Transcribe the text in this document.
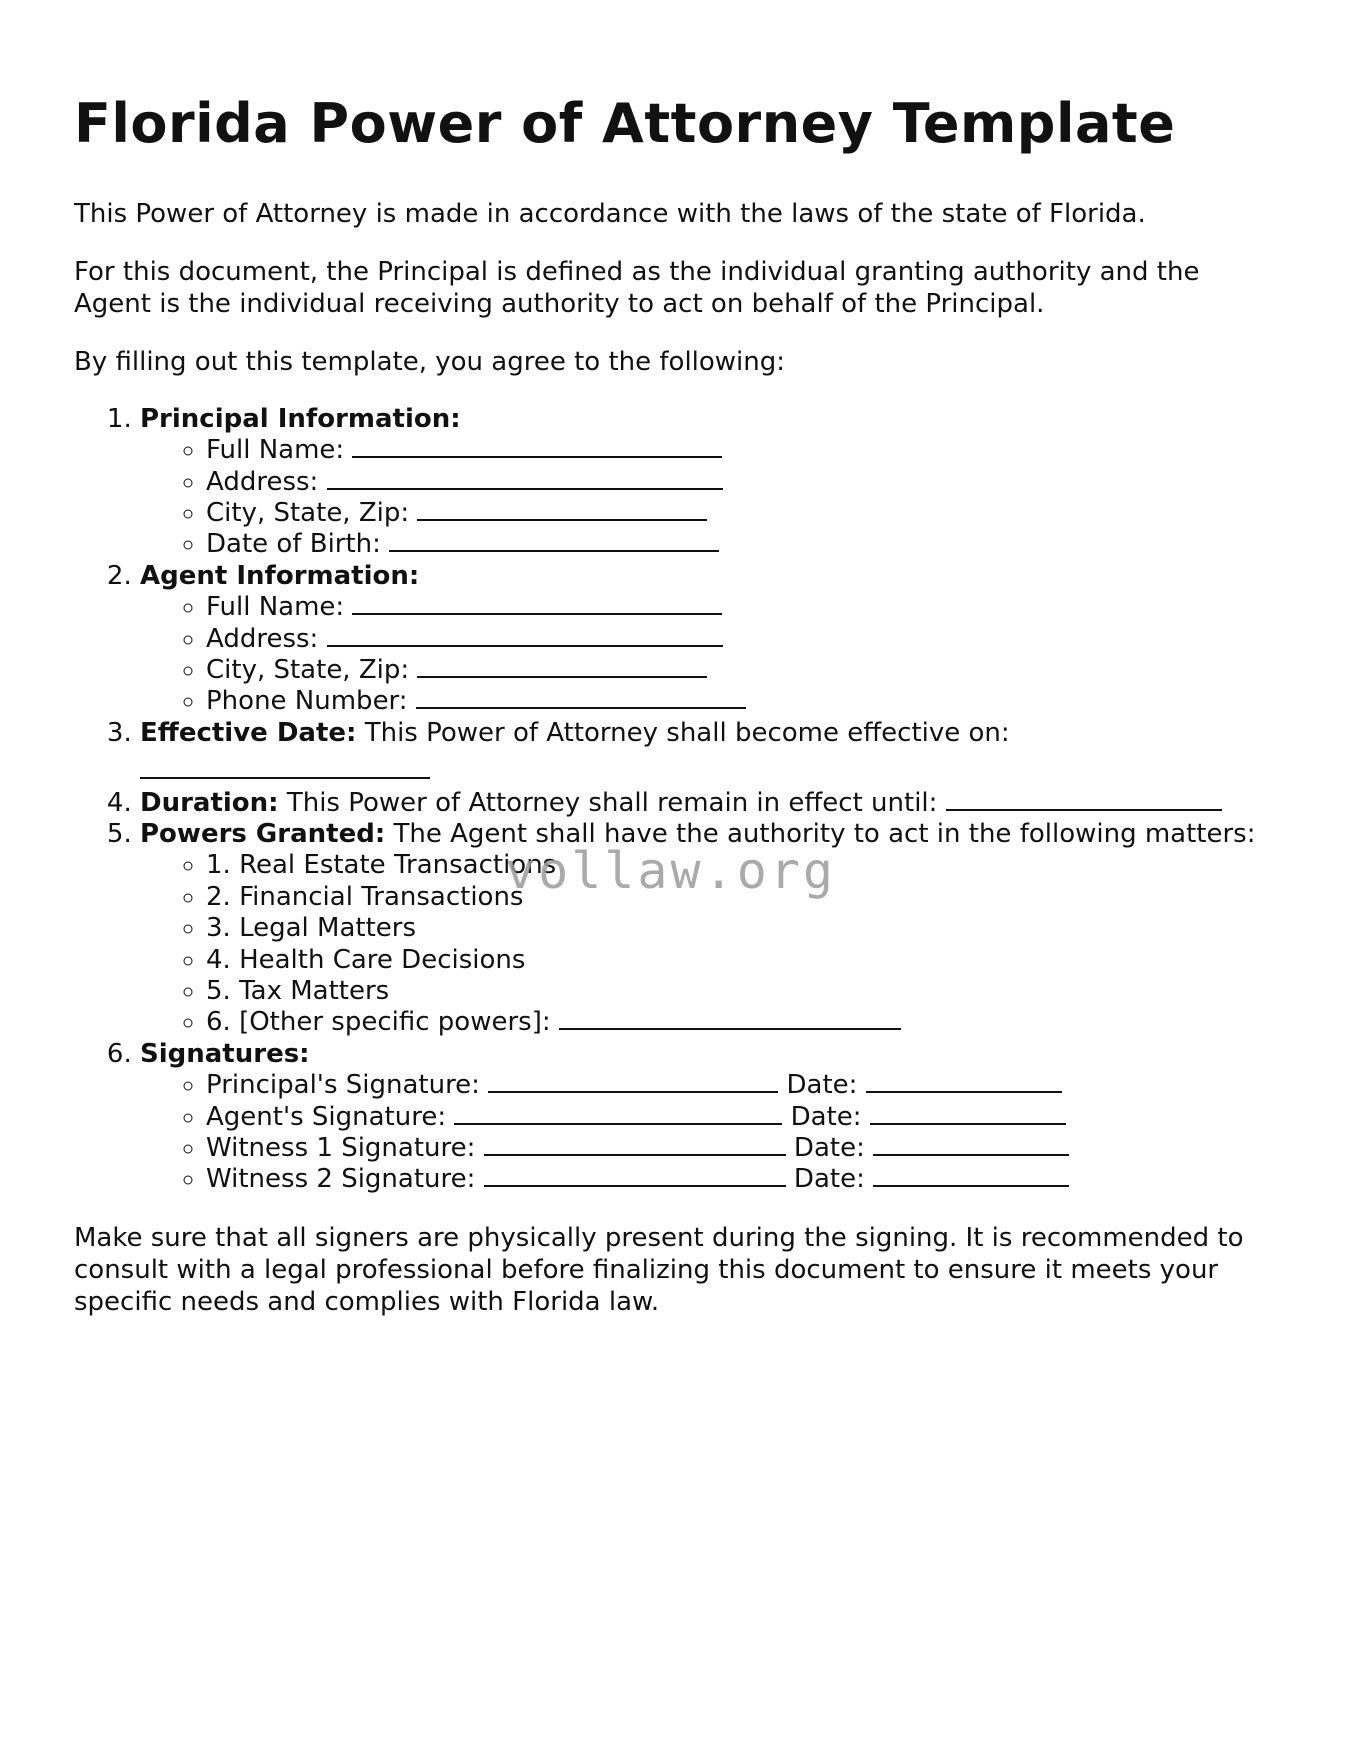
Florida Power of Attorney Template

This Power of Attorney is made in accordance with the laws of the state of Florida.

For this document, the Principal is defined as the individual granting authority and the Agent is the individual receiving authority to act on behalf of the Principal.

By filling out this template, you agree to the following:

1. Principal Information:
◦ Full Name:
◦ Address:
◦ City, State, Zip:
◦ Date of Birth:
2. Agent Information:
◦ Full Name:
◦ Address:
◦ City, State, Zip:
◦ Phone Number:
3. Effective Date: This Power of Attorney shall become effective on:
4. Duration: This Power of Attorney shall remain in effect until:
5. Powers Granted: The Agent shall have the authority to act in the following matters:
◦ 1. Real Estate Transactions
◦ 2. Financial Transactions
◦ 3. Legal Matters
◦ 4. Health Care Decisions
◦ 5. Tax Matters
◦ 6. [Other specific powers]:
6. Signatures:
◦ Principal's Signature:	Date:
◦ Agent's Signature:	Date:
◦ Witness 1 Signature:	Date:
◦ Witness 2 Signature:	Date:

Make sure that all signers are physically present during the signing. It is recommended to consult with a legal professional before finalizing this document to ensure it meets your specific needs and complies with Florida law.

vollaw.org
